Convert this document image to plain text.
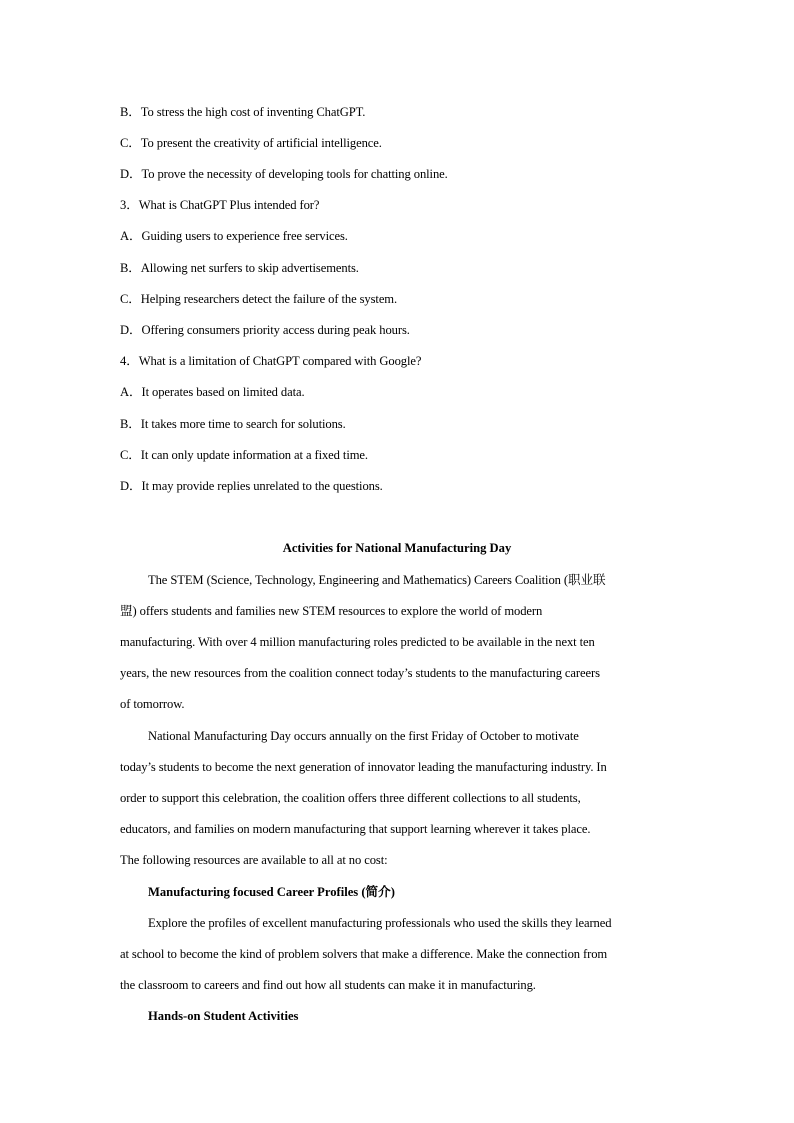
B．To stress the high cost of inventing ChatGPT.
C．To present the creativity of artificial intelligence.
D．To prove the necessity of developing tools for chatting online.
3．What is ChatGPT Plus intended for?
A．Guiding users to experience free services.
B．Allowing net surfers to skip advertisements.
C．Helping researchers detect the failure of the system.
D．Offering consumers priority access during peak hours.
4．What is a limitation of ChatGPT compared with Google?
A．It operates based on limited data.
B．It takes more time to search for solutions.
C．It can only update information at a fixed time.
D．It may provide replies unrelated to the questions.
Activities for National Manufacturing Day
The STEM (Science, Technology, Engineering and Mathematics) Careers Coalition (职业联
盟) offers students and families new STEM resources to explore the world of modern
manufacturing. With over 4 million manufacturing roles predicted to be available in the next ten
years, the new resources from the coalition connect today’s students to the manufacturing careers
of tomorrow.
National Manufacturing Day occurs annually on the first Friday of October to motivate
today’s students to become the next generation of innovator leading the manufacturing industry. In
order to support this celebration, the coalition offers three different collections to all students,
educators, and families on modern manufacturing that support learning wherever it takes place.
The following resources are available to all at no cost:
Manufacturing focused Career Profiles (简介)
Explore the profiles of excellent manufacturing professionals who used the skills they learned
at school to become the kind of problem solvers that make a difference. Make the connection from
the classroom to careers and find out how all students can make it in manufacturing.
Hands-on Student Activities
